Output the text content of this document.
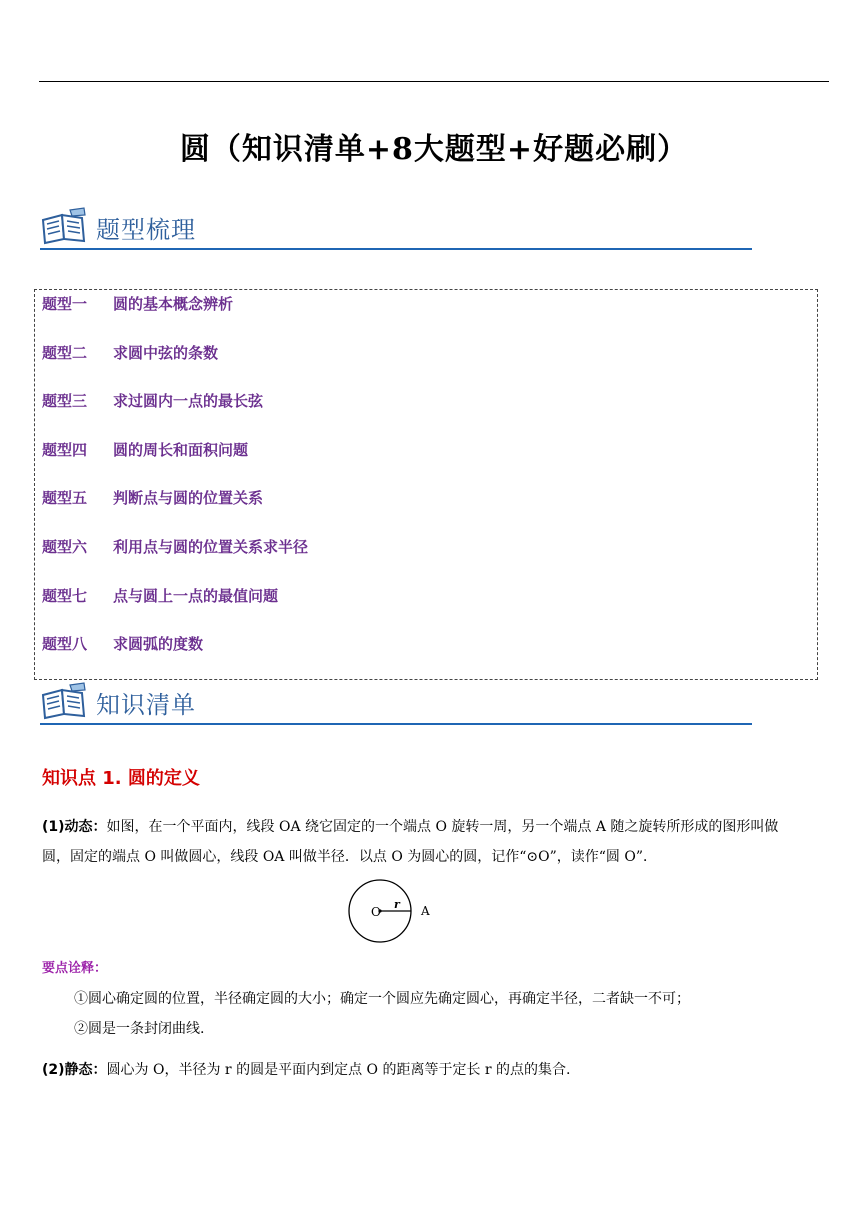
圆（知识清单+8大题型+好题必刷）
题型梳理
题型一 圆的基本概念辨析
题型二 求圆中弦的条数
题型三 求过圆内一点的最长弦
题型四 圆的周长和面积问题
题型五 判断点与圆的位置关系
题型六 利用点与圆的位置关系求半径
题型七 点与圆上一点的最值问题
题型八 求圆弧的度数
知识清单
知识点 1. 圆的定义
(1)动态：如图，在一个平面内，线段 OA 绕它固定的一个端点 O 旋转一周，另一个端点 A 随之旋转所形成的图形叫做
圆，固定的端点 O 叫做圆心，线段 OA 叫做半径．以点 O 为圆心的圆，记作“⊙O”，读作“圆 O”．
O
r A
要点诠释：
①圆心确定圆的位置，半径确定圆的大小；确定一个圆应先确定圆心，再确定半径，二者缺一不可；
②圆是一条封闭曲线.
(2)静态：圆心为 O，半径为 r 的圆是平面内到定点 O 的距离等于定长 r 的点的集合.
